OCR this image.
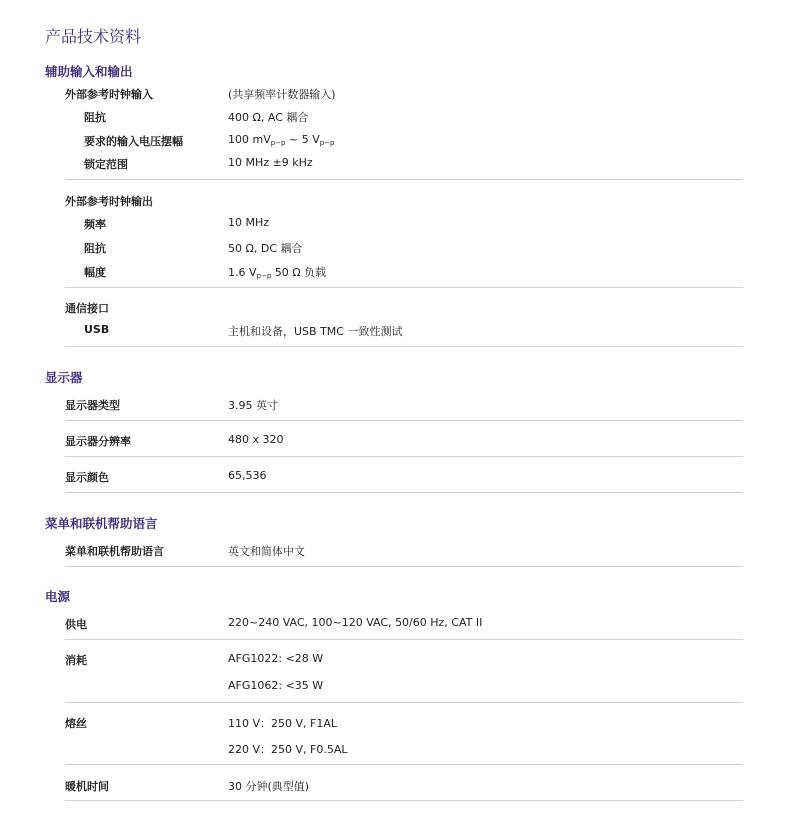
产品技术资料
辅助输入和输出
外部参考时钟输入	(共享频率计数器输入)
阻抗	400 Ω, AC 耦合
要求的输入电压摆幅	100 $mV_{p-p}$ ~ 5 $V_{p-p}$
锁定范围	10 MHz ±9 kHz
外部参考时钟输出
频率	10 MHz
阻抗	50 Ω, DC 耦合
幅度	1.6 $V_{p-p}$ 50 Ω 负载
通信接口
USB	主机和设备，USB TMC 一致性测试
显示器
显示器类型	3.95 英寸
显示器分辨率	480 x 320
显示颜色	65,536
菜单和联机帮助语言
菜单和联机帮助语言	英文和简体中文
电源
供电	220~240 VAC, 100~120 VAC, 50/60 Hz, CAT II
消耗	AFG1022: <28 W
AFG1062: <35 W
熔丝	110 V：250 V, F1AL
220 V：250 V, F0.5AL
暖机时间	30 分钟(典型值)
